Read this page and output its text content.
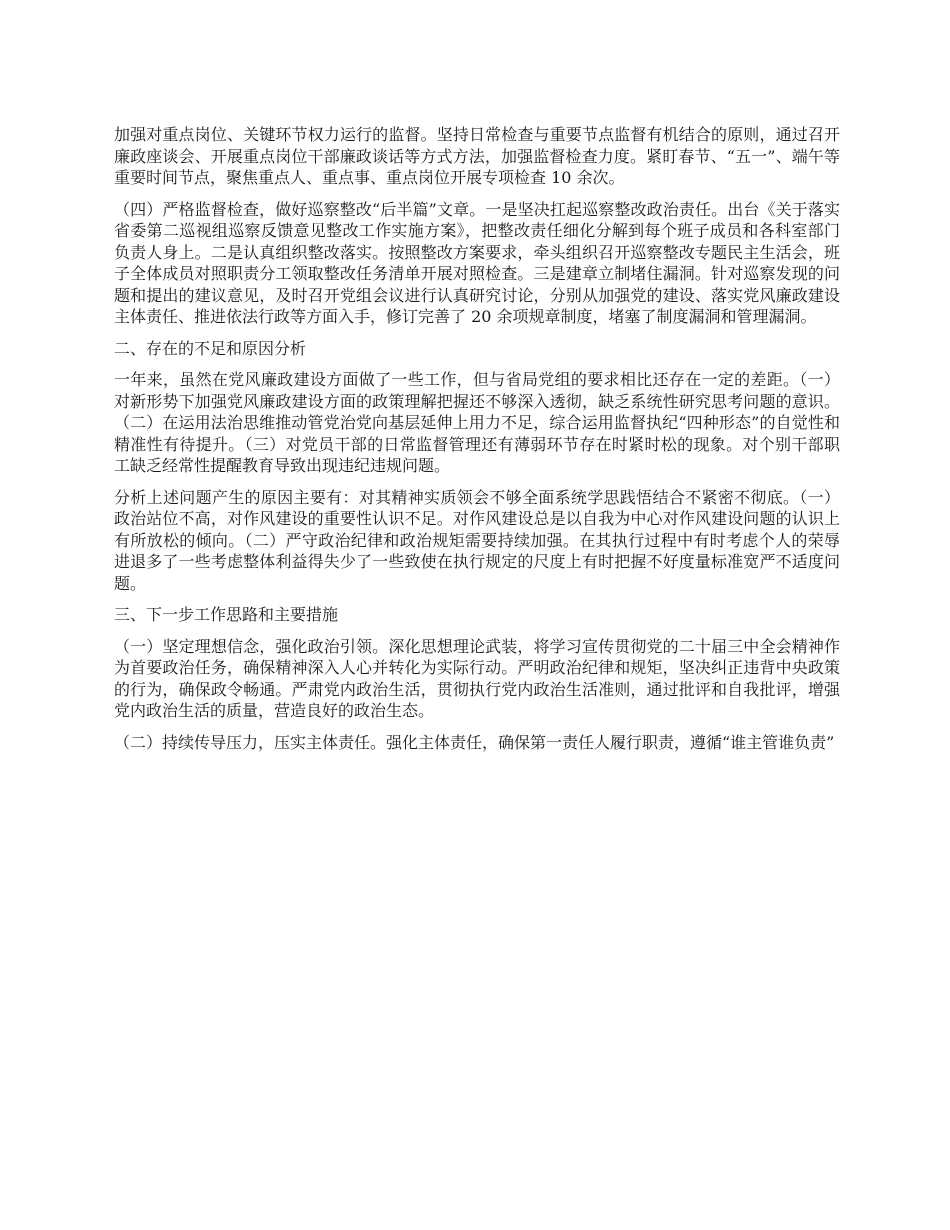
加强对重点岗位、关键环节权力运行的监督。坚持日常检查与重要节点监督有机结合的原则，通过召开廉政座谈会、开展重点岗位干部廉政谈话等方式方法，加强监督检查力度。紧盯春节、“五一”、端午等重要时间节点，聚焦重点人、重点事、重点岗位开展专项检查 10 余次。

（四）严格监督检查，做好巡察整改“后半篇”文章。一是坚决扛起巡察整改政治责任。出台《关于落实省委第二巡视组巡察反馈意见整改工作实施方案》，把整改责任细化分解到每个班子成员和各科室部门负责人身上。二是认真组织整改落实。按照整改方案要求，牵头组织召开巡察整改专题民主生活会，班子全体成员对照职责分工领取整改任务清单开展对照检查。三是建章立制堵住漏洞。针对巡察发现的问题和提出的建议意见，及时召开党组会议进行认真研究讨论，分别从加强党的建设、落实党风廉政建设主体责任、推进依法行政等方面入手，修订完善了 20 余项规章制度，堵塞了制度漏洞和管理漏洞。

二、存在的不足和原因分析

一年来，虽然在党风廉政建设方面做了一些工作，但与省局党组的要求相比还存在一定的差距。（一）对新形势下加强党风廉政建设方面的政策理解把握还不够深入透彻，缺乏系统性研究思考问题的意识。（二）在运用法治思维推动管党治党向基层延伸上用力不足，综合运用监督执纪“四种形态”的自觉性和精准性有待提升。（三）对党员干部的日常监督管理还有薄弱环节存在时紧时松的现象。对个别干部职工缺乏经常性提醒教育导致出现违纪违规问题。

分析上述问题产生的原因主要有：对其精神实质领会不够全面系统学思践悟结合不紧密不彻底。（一）政治站位不高，对作风建设的重要性认识不足。对作风建设总是以自我为中心对作风建设问题的认识上有所放松的倾向。（二）严守政治纪律和政治规矩需要持续加强。在其执行过程中有时考虑个人的荣辱进退多了一些考虑整体利益得失少了一些致使在执行规定的尺度上有时把握不好度量标准宽严不适度问题。

三、下一步工作思路和主要措施

（一）坚定理想信念，强化政治引领。深化思想理论武装，将学习宣传贯彻党的二十届三中全会精神作为首要政治任务，确保精神深入人心并转化为实际行动。严明政治纪律和规矩，坚决纠正违背中央政策的行为，确保政令畅通。严肃党内政治生活，贯彻执行党内政治生活准则，通过批评和自我批评，增强党内政治生活的质量，营造良好的政治生态。

（二）持续传导压力，压实主体责任。强化主体责任，确保第一责任人履行职责，遵循“谁主管谁负责”
